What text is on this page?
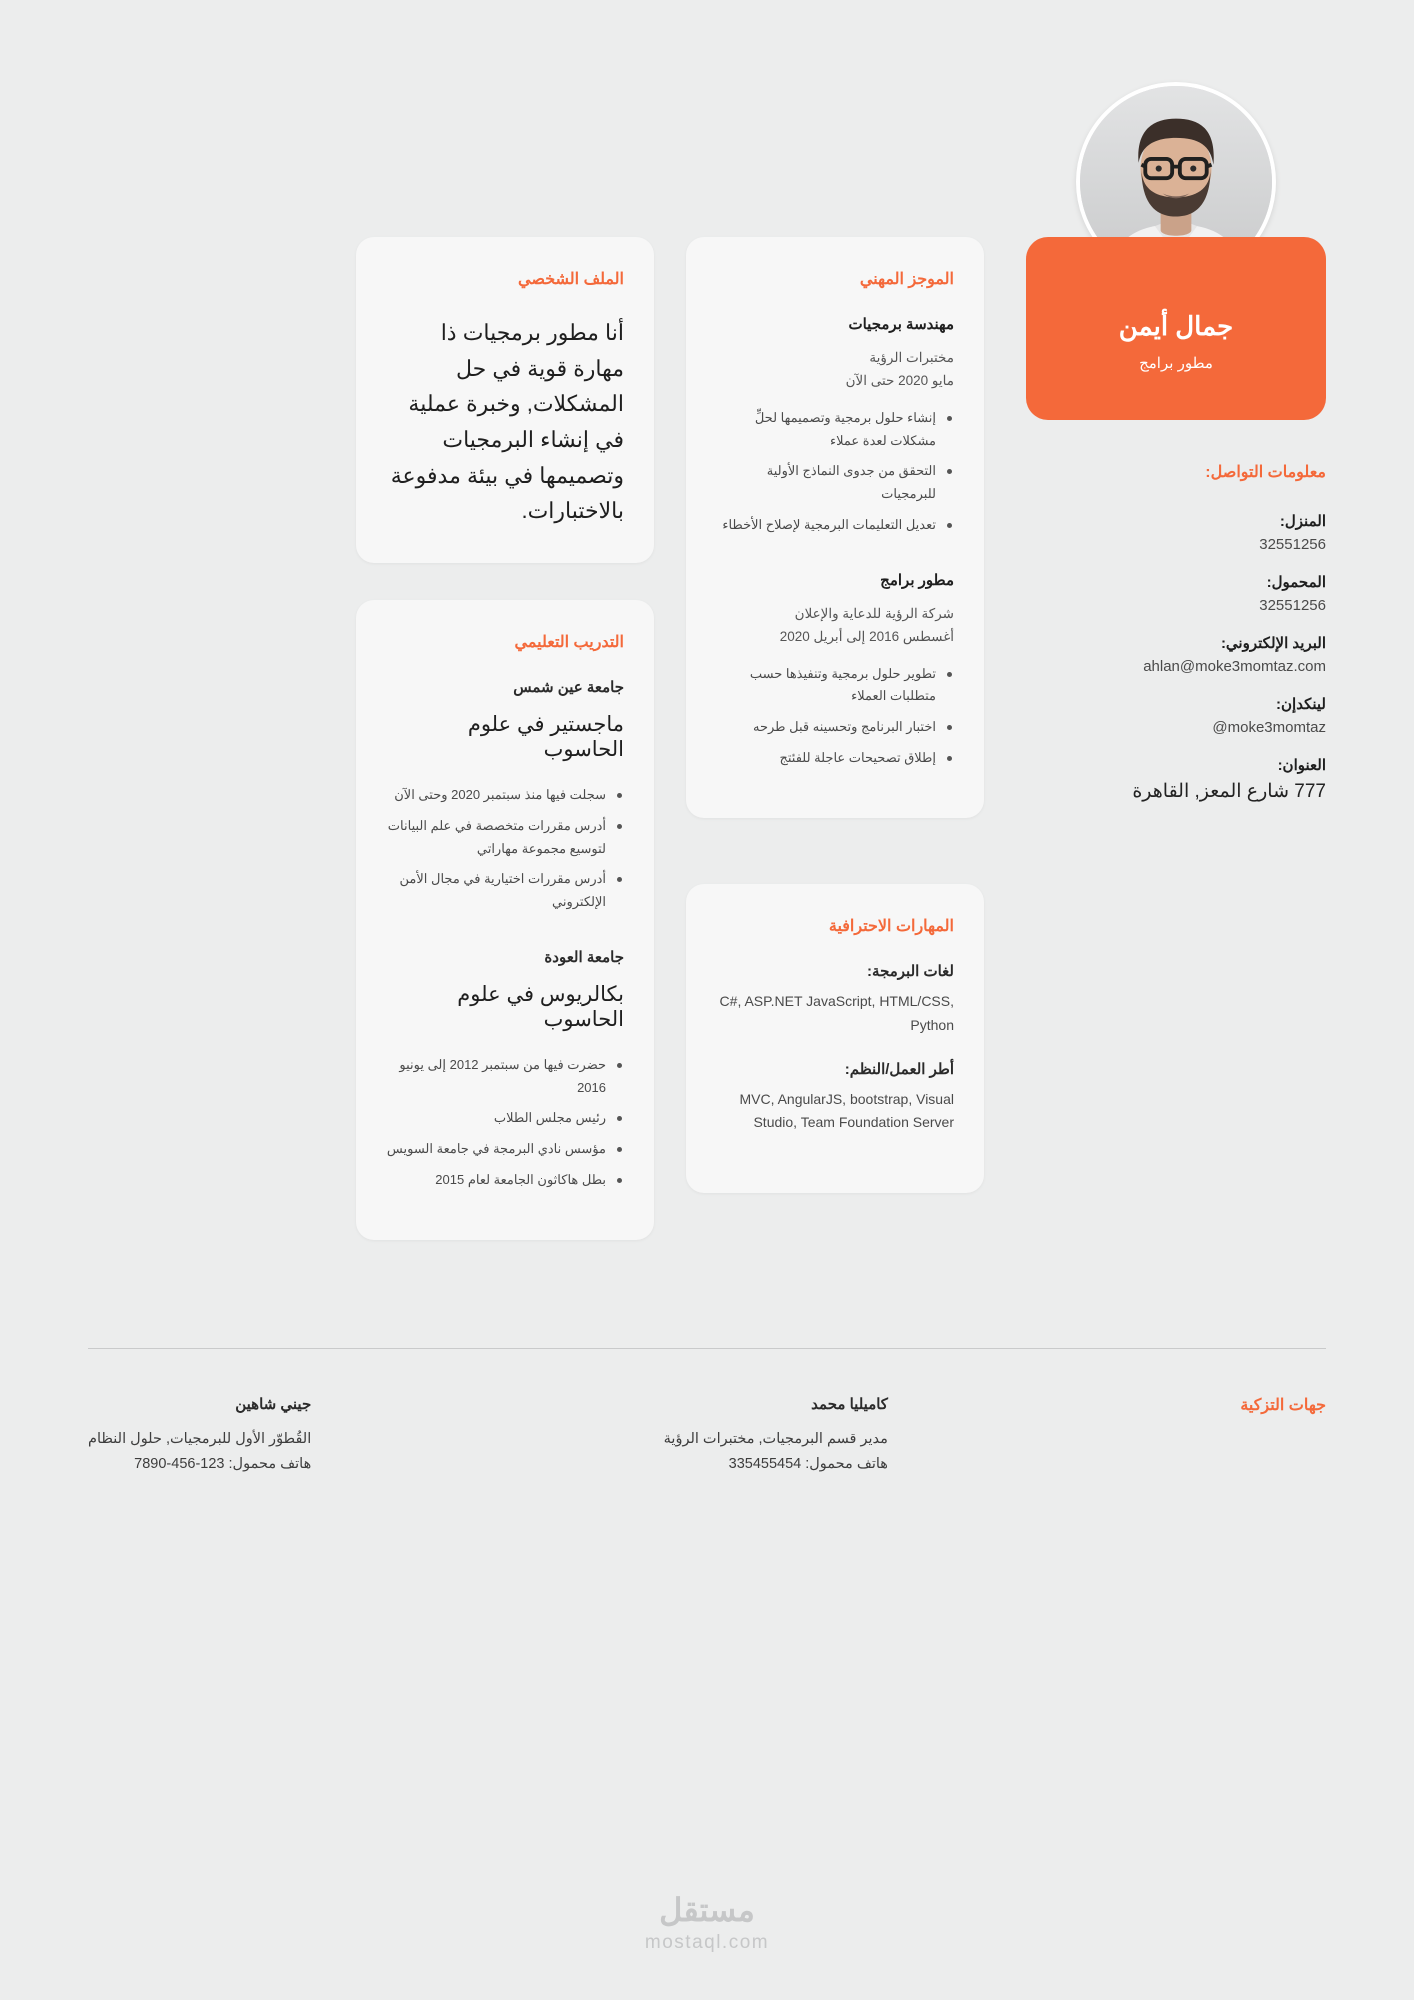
جمال أيمن
مطور برامج
معلومات التواصل:
المنزل:
32551256
المحمول:
32551256
البريد الإلكتروني:
ahlan@moke3momtaz.com
لينكدإن:
moke3momtaz@
العنوان:
777 شارع المعز, القاهرة
الموجز المهني
مهندسة برمجيات
مختبرات الرؤية
مايو 2020 حتى الآن
إنشاء حلول برمجية وتصميمها لحلِّ مشكلات لعدة عملاء
التحقق من جدوى النماذج الأولية للبرمجيات
تعديل التعليمات البرمجية لإصلاح الأخطاء
مطور برامج
شركة الرؤية للدعاية والإعلان
أغسطس 2016 إلى أبريل 2020
تطوير حلول برمجية وتنفيذها حسب متطلبات العملاء
اختبار البرنامج وتحسينه قبل طرحه
إطلاق تصحيحات عاجلة للفئتج
المهارات الاحترافية
لغات البرمجة:
C#, ASP.NET JavaScript, HTML/CSS, Python
أطر العمل/النظم:
MVC, AngularJS, bootstrap, Visual Studio, Team Foundation Server
الملف الشخصي
أنا مطور برمجيات ذا مهارة قوية في حل المشكلات, وخبرة عملية في إنشاء البرمجيات وتصميمها في بيئة مدفوعة بالاختبارات.
التدريب التعليمي
جامعة عين شمس
ماجستير في علوم الحاسوب
سجلت فيها منذ سبتمبر 2020 وحتى الآن
أدرس مقررات متخصصة في علم البيانات لتوسيع مجموعة مهاراتي
أدرس مقررات اختيارية في مجال الأمن الإلكتروني
جامعة العودة
بكالريوس في علوم الحاسوب
حضرت فيها من سبتمبر 2012 إلى يونيو 2016
رئيس مجلس الطلاب
مؤسس نادي البرمجة في جامعة السويس
بطل هاكاثون الجامعة لعام 2015
جهات التزكية
كاميليا محمد
مدير قسم البرمجيات, مختبرات الرؤية
هاتف محمول: 335455454
جيني شاهين
القُطوّر الأول للبرمجيات, حلول النظام
هاتف محمول: 123-456-7890
مستقل
mostaql.com
